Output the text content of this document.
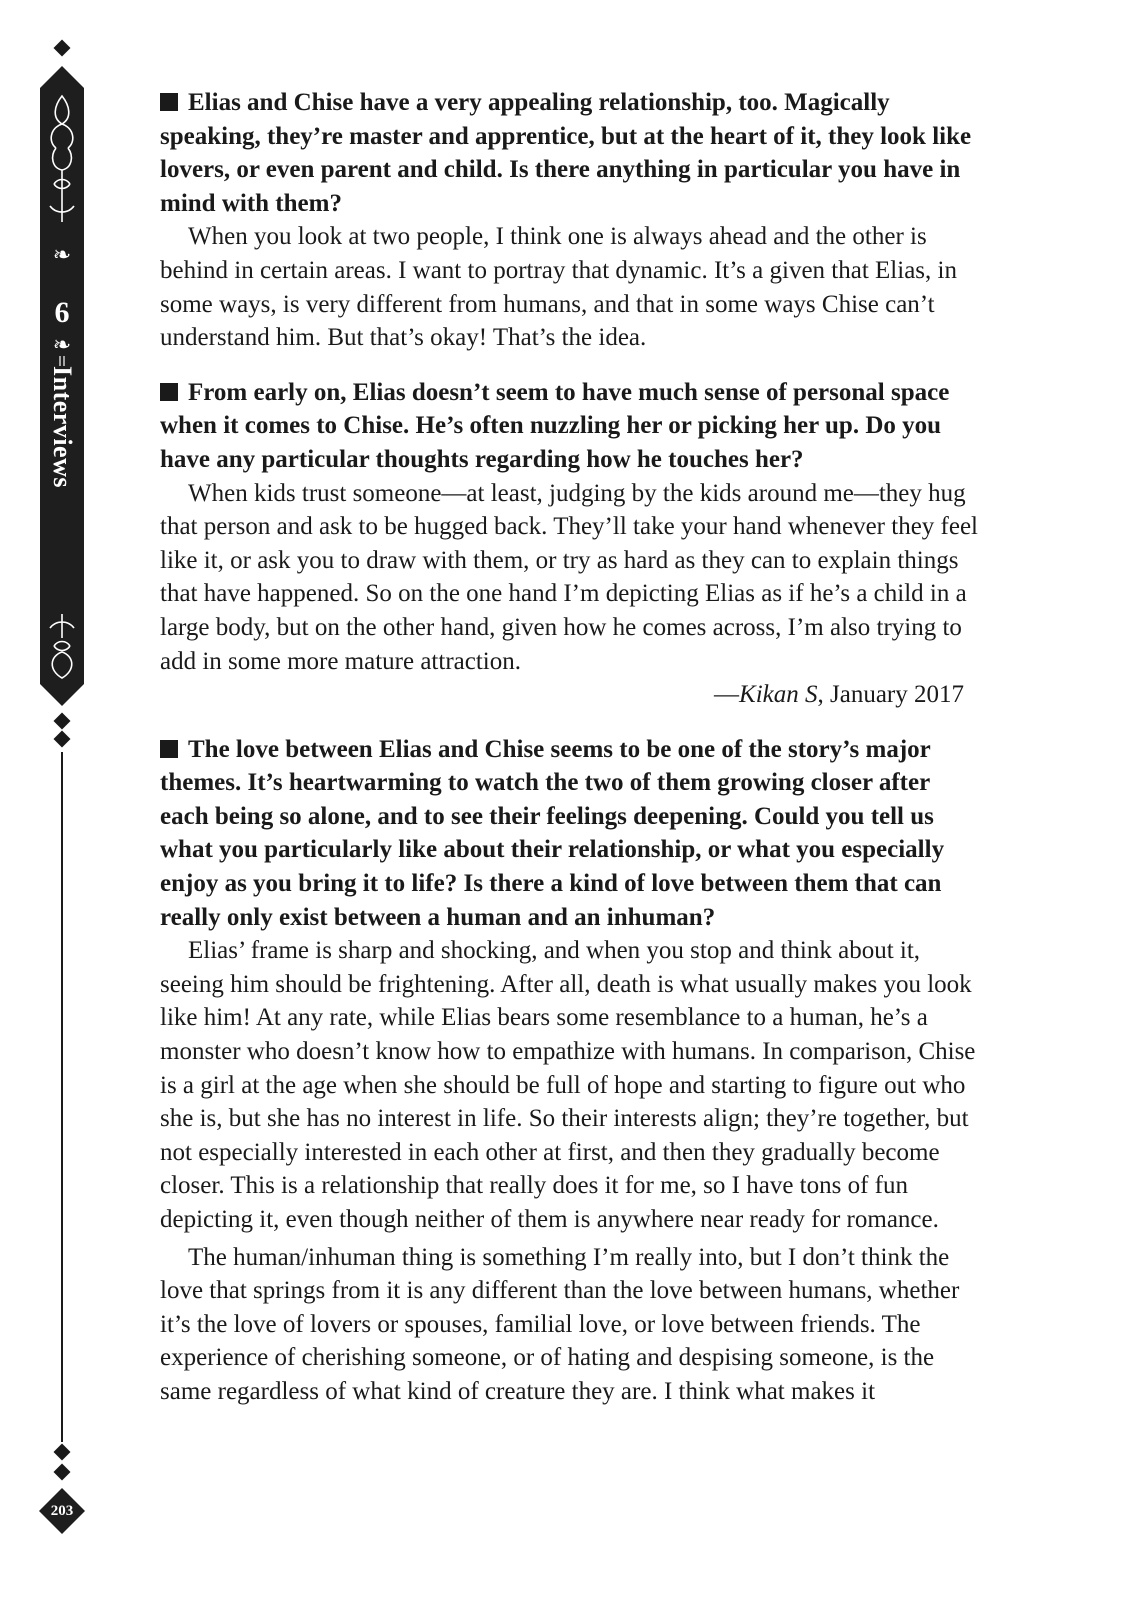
❧
6
❧
Interviews
203

Elias and Chise have a very appealing relationship, too. Magically speaking, they’re master and apprentice, but at the heart of it, they look like lovers, or even parent and child. Is there anything in particular you have in mind with them?

When you look at two people, I think one is always ahead and the other is behind in certain areas. I want to portray that dynamic. It’s a given that Elias, in some ways, is very different from humans, and that in some ways Chise can’t understand him. But that’s okay! That’s the idea.

From early on, Elias doesn’t seem to have much sense of personal space when it comes to Chise. He’s often nuzzling her or picking her up. Do you have any particular thoughts regarding how he touches her?

When kids trust someone—at least, judging by the kids around me—they hug that person and ask to be hugged back. They’ll take your hand whenever they feel like it, or ask you to draw with them, or try as hard as they can to explain things that have happened. So on the one hand I’m depicting Elias as if he’s a child in a large body, but on the other hand, given how he comes across, I’m also trying to add in some more mature attraction.

—Kikan S, January 2017

The love between Elias and Chise seems to be one of the story’s major themes. It’s heartwarming to watch the two of them growing closer after each being so alone, and to see their feelings deepening. Could you tell us what you particularly like about their relationship, or what you especially enjoy as you bring it to life? Is there a kind of love between them that can really only exist between a human and an inhuman?

Elias’ frame is sharp and shocking, and when you stop and think about it, seeing him should be frightening. After all, death is what usually makes you look like him! At any rate, while Elias bears some resemblance to a human, he’s a monster who doesn’t know how to empathize with humans. In comparison, Chise is a girl at the age when she should be full of hope and starting to figure out who she is, but she has no interest in life. So their interests align; they’re together, but not especially interested in each other at first, and then they gradually become closer. This is a relationship that really does it for me, so I have tons of fun depicting it, even though neither of them is anywhere near ready for romance.

The human/inhuman thing is something I’m really into, but I don’t think the love that springs from it is any different than the love between humans, whether it’s the love of lovers or spouses, familial love, or love between friends. The experience of cherishing someone, or of hating and despising someone, is the same regardless of what kind of creature they are. I think what makes it
